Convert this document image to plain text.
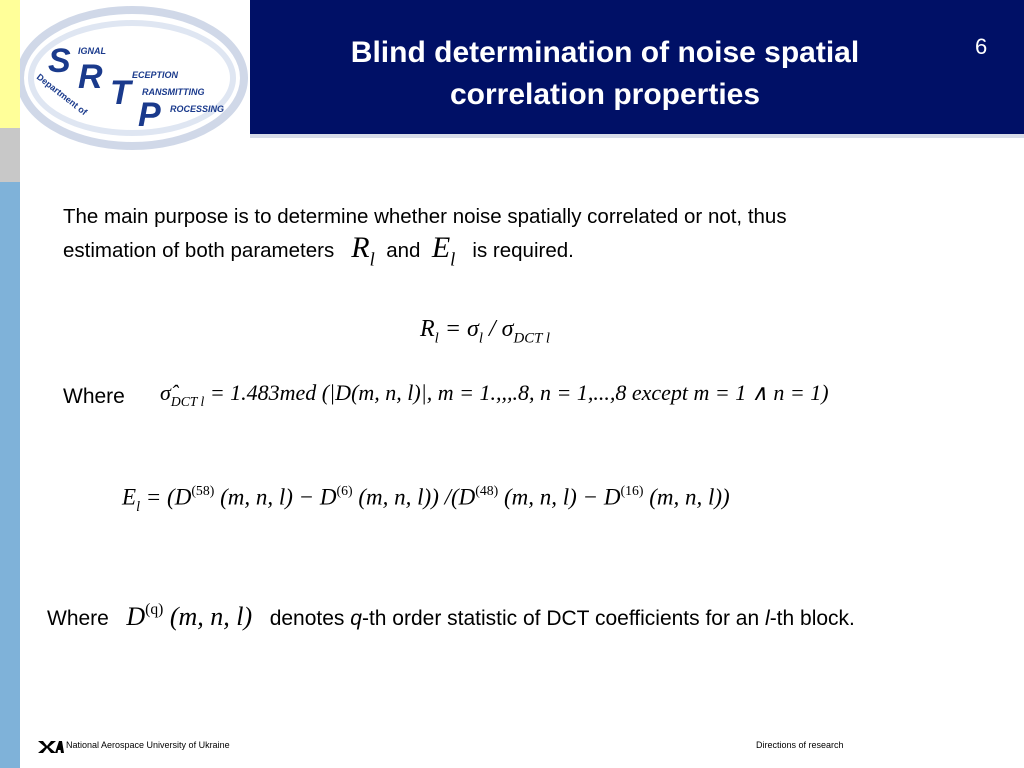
S R T
P
IGNAL
ECEPTION
RANSMITTING
ROCESSING
Department of
Blind determination of noise spatial
correlation properties
6
The main purpose is to determine whether noise spatially correlated or not, thus
estimation of both parameters $R_l$ and $E_l$ is required.
$R_l = \sigma_l / \sigma_{DCT l}$
Where $\sigmâ_{DCT l} = 1.483med$ (|D(m, n, l)|, m = 1.,,,.8, n = 1,...,8 except m = 1 ∧ n = 1)
$E_l = (D^{(58)}$ (m, n, $l) - D^{(6)}$ (m, n, l)) $/(D^{(48)}$ (m, n, $l) - D^{(16)}$ (m, n, l))
Where $D^{(q)}$ (m, n, l) denotes q-th order statistic of DCT coefficients for an l-th block.
National Aerospace University of Ukraine	Directions of research
